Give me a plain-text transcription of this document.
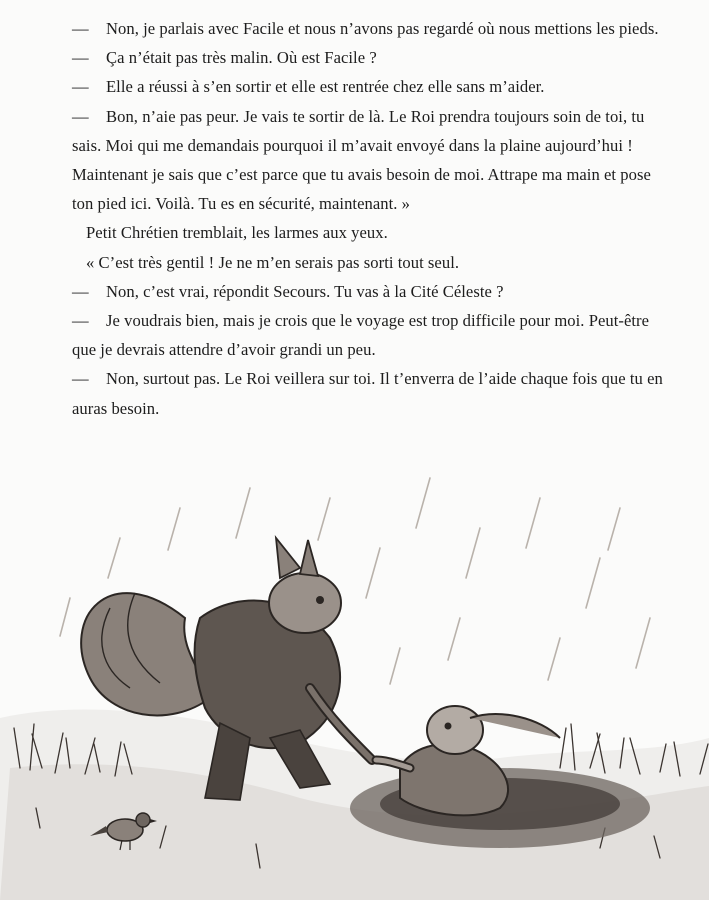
— Non, je parlais avec Facile et nous n’avons pas regardé où nous mettions les pieds.

— Ça n’était pas très malin. Où est Facile ?

— Elle a réussi à s’en sortir et elle est rentrée chez elle sans m’aider.

— Bon, n’aie pas peur. Je vais te sortir de là. Le Roi prendra toujours soin de toi, tu sais. Moi qui me demandais pourquoi il m’avait envoyé dans la plaine aujourd’hui ! Maintenant je sais que c’est parce que tu avais besoin de moi. Attrape ma main et pose ton pied ici. Voilà. Tu es en sécurité, maintenant. »

Petit Chrétien tremblait, les larmes aux yeux.

« C’est très gentil ! Je ne m’en serais pas sorti tout seul.

— Non, c’est vrai, répondit Secours. Tu vas à la Cité Céleste ?

— Je voudrais bien, mais je crois que le voyage est trop difficile pour moi. Peut-être que je devrais attendre d’avoir grandi un peu.

— Non, surtout pas. Le Roi veillera sur toi. Il t’enverra de l’aide chaque fois que tu en auras besoin.
